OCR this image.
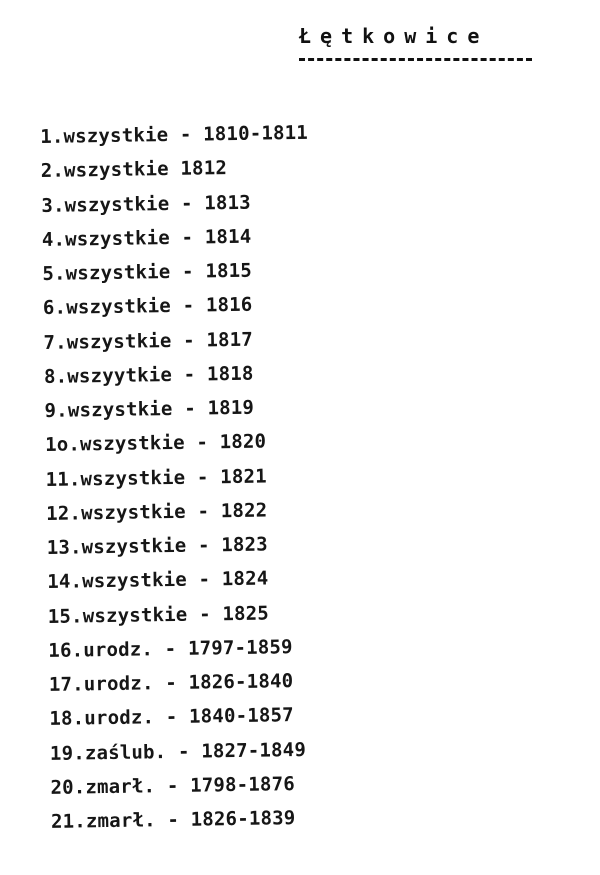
Łętkowice
1.wszystkie - 1810-1811
2.wszystkie 1812
3.wszystkie - 1813
4.wszystkie - 1814
5.wszystkie - 1815
6.wszystkie - 1816
7.wszystkie - 1817
8.wszyytkie - 1818
9.wszystkie - 1819
1o.wszystkie - 1820
11.wszystkie - 1821
12.wszystkie - 1822
13.wszystkie - 1823
14.wszystkie - 1824
15.wszystkie - 1825
16.urodz. - 1797-1859
17.urodz. - 1826-1840
18.urodz. - 1840-1857
19.zaślub. - 1827-1849
20.zmarł. - 1798-1876
21.zmarł. - 1826-1839
